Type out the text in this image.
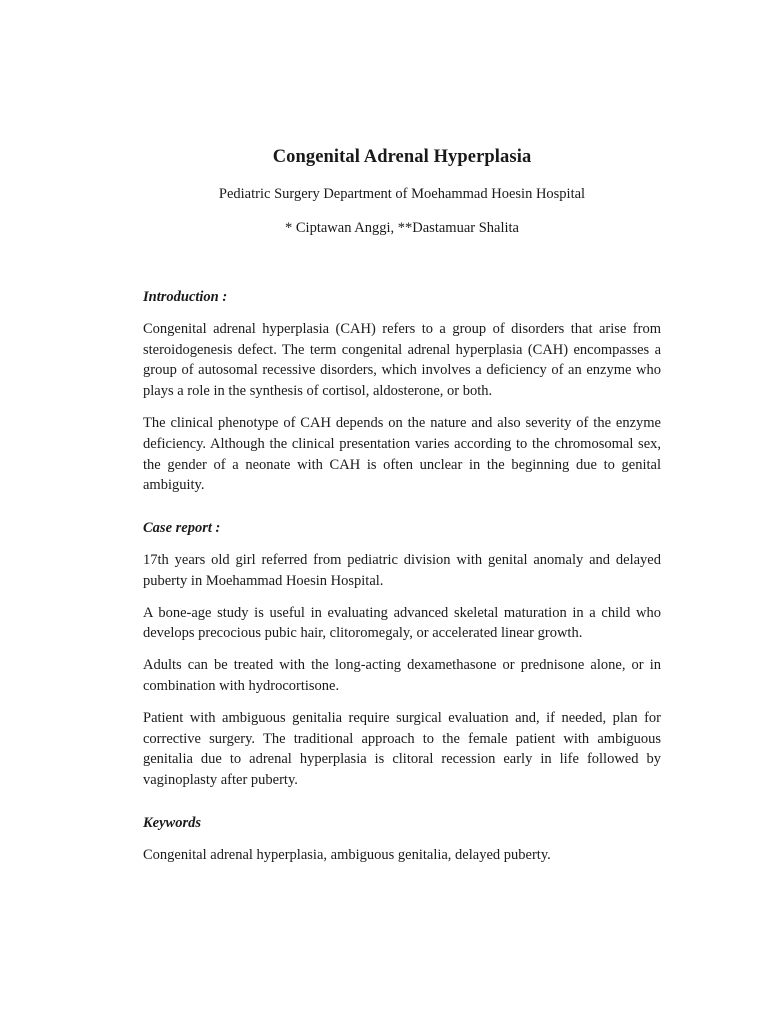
Congenital Adrenal Hyperplasia

Pediatric Surgery Department of Moehammad Hoesin Hospital

* Ciptawan Anggi, **Dastamuar Shalita

Introduction :

Congenital adrenal hyperplasia (CAH) refers to a group of disorders that arise from steroidogenesis defect. The term congenital adrenal hyperplasia (CAH) encompasses a group of autosomal recessive disorders, which involves a deficiency of an enzyme who plays a role in the synthesis of cortisol, aldosterone, or both.

The clinical phenotype of CAH depends on the nature and also severity of the enzyme deficiency. Although the clinical presentation varies according to the chromosomal sex, the gender of a neonate with CAH is often unclear in the beginning due to genital ambiguity.

Case report :

17th years old girl referred from pediatric division with genital anomaly and delayed puberty in Moehammad Hoesin Hospital.

A bone-age study is useful in evaluating advanced skeletal maturation in a child who develops precocious pubic hair, clitoromegaly, or accelerated linear growth.

Adults can be treated with the long-acting dexamethasone or prednisone alone, or in combination with hydrocortisone.

Patient with ambiguous genitalia require surgical evaluation and, if needed, plan for corrective surgery. The traditional approach to the female patient with ambiguous genitalia due to adrenal hyperplasia is clitoral recession early in life followed by vaginoplasty after puberty.

Keywords

Congenital adrenal hyperplasia, ambiguous genitalia, delayed puberty.
